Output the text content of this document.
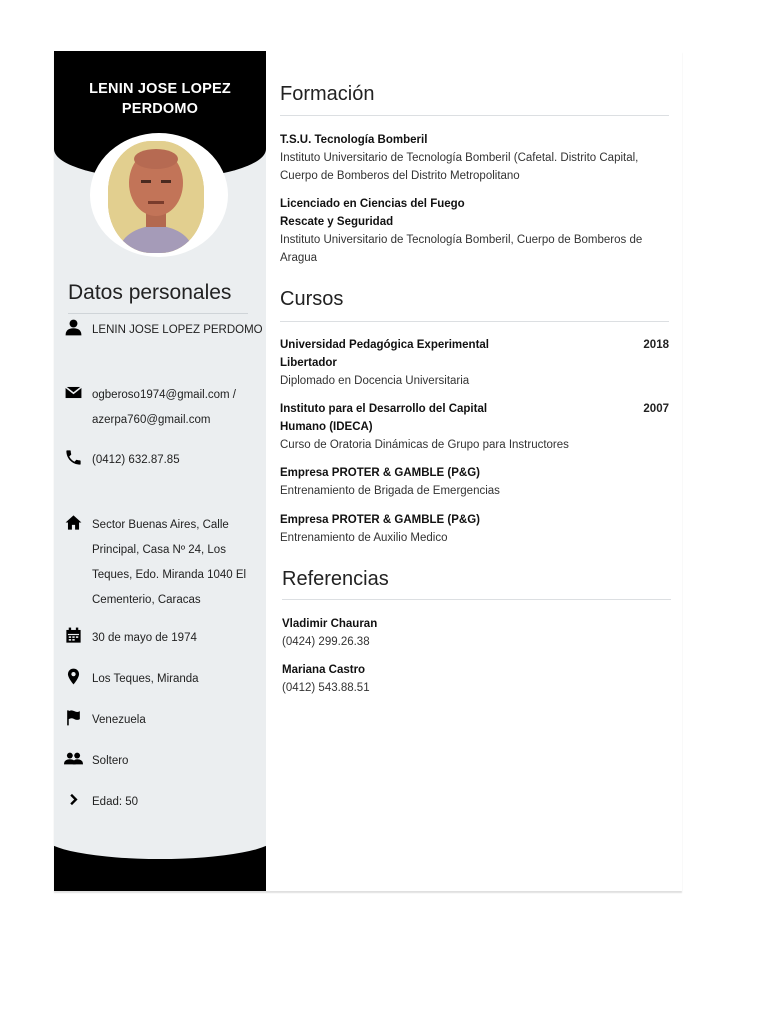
LENIN JOSE LOPEZ PERDOMO
Datos personales
LENIN JOSE LOPEZ PERDOMO
ogberoso1974@gmail.com / azerpa760@gmail.com
(0412) 632.87.85
Sector Buenas Aires, Calle Principal, Casa Nº 24, Los Teques, Edo. Miranda 1040 El Cementerio, Caracas
30 de mayo de 1974
Los Teques, Miranda
Venezuela
Soltero
Edad: 50
Formación
T.S.U. Tecnología Bomberil
Instituto Universitario de Tecnología Bomberil (Cafetal. Distrito Capital, Cuerpo de Bomberos del Distrito Metropolitano
Licenciado en Ciencias del Fuego Rescate y Seguridad
Instituto Universitario de Tecnología Bomberil, Cuerpo de Bomberos de Aragua
Cursos
Universidad Pedagógica Experimental Libertador
2018
Diplomado en Docencia Universitaria
Instituto para el Desarrollo del Capital Humano (IDECA)
2007
Curso de Oratoria Dinámicas de Grupo para Instructores
Empresa PROTER & GAMBLE (P&G)
Entrenamiento de Brigada de Emergencias
Empresa PROTER & GAMBLE (P&G)
Entrenamiento de Auxilio Medico
Referencias
Vladimir Chauran
(0424) 299.26.38
Mariana Castro
(0412) 543.88.51
